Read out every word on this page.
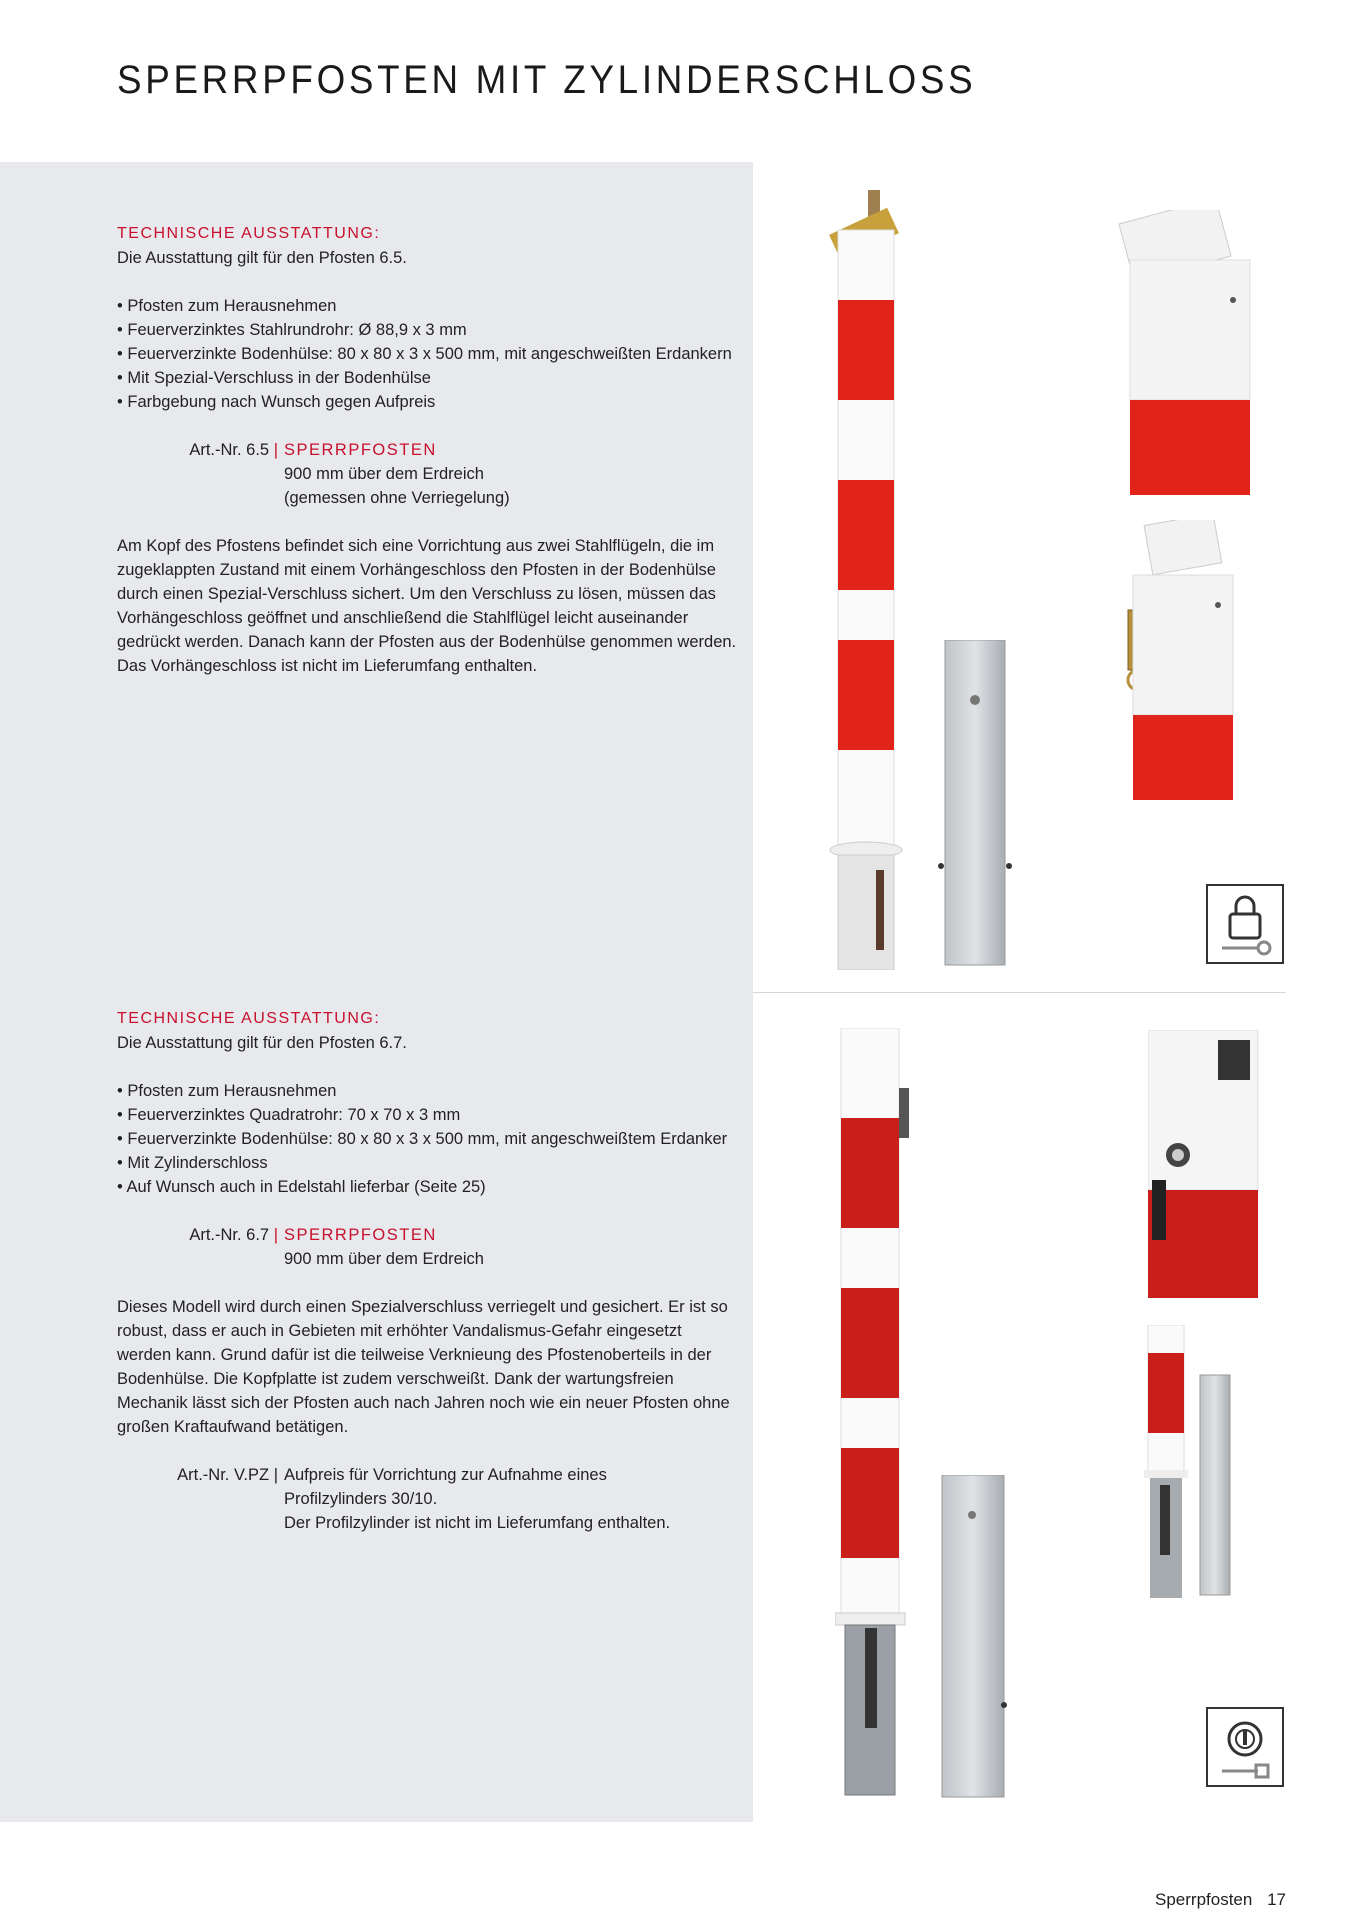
SPERRPFOSTEN MIT ZYLINDERSCHLOSS

TECHNISCHE AUSSTATTUNG:

Die Ausstattung gilt für den Pfosten 6.5.

• Pfosten zum Herausnehmen
• Feuerverzinktes Stahlrundrohr: Ø 88,9 x 3 mm
• Feuerverzinkte Bodenhülse: 80 x 80 x 3 x 500 mm, mit angeschweißten Erdankern
• Mit Spezial-Verschluss in der Bodenhülse
• Farbgebung nach Wunsch gegen Aufpreis
Art.-Nr. 6.5 | SPERRPFOSTEN
900 mm über dem Erdreich
(gemessen ohne Verriegelung)

Am Kopf des Pfostens befindet sich eine Vorrichtung aus zwei Stahlflügeln, die im zugeklappten Zustand mit einem Vorhängeschloss den Pfosten in der Bodenhülse durch einen Spezial-Verschluss sichert. Um den Verschluss zu lösen, müssen das Vorhängeschloss geöffnet und anschließend die Stahlflügel leicht auseinander gedrückt werden. Danach kann der Pfosten aus der Bodenhülse genommen werden. Das Vorhängeschloss ist nicht im Lieferumfang enthalten.

TECHNISCHE AUSSTATTUNG:

Die Ausstattung gilt für den Pfosten 6.7.

• Pfosten zum Herausnehmen
• Feuerverzinktes Quadratrohr: 70 x 70 x 3 mm
• Feuerverzinkte Bodenhülse: 80 x 80 x 3 x 500 mm, mit angeschweißtem Erdanker
• Mit Zylinderschloss
• Auf Wunsch auch in Edelstahl lieferbar (Seite 25)
Art.-Nr. 6.7 | SPERRPFOSTEN
900 mm über dem Erdreich

Dieses Modell wird durch einen Spezialverschluss verriegelt und gesichert. Er ist so robust, dass er auch in Gebieten mit erhöhter Vandalismus-Gefahr eingesetzt werden kann. Grund dafür ist die teilweise Verknieung des Pfostenoberteils in der Bodenhülse. Die Kopfplatte ist zudem verschweißt. Dank der wartungsfreien Mechanik lässt sich der Pfosten auch nach Jahren noch wie ein neuer Pfosten ohne großen Kraftaufwand betätigen.

Art.-Nr. V.PZ | Aufpreis für Vorrichtung zur Aufnahme eines
Profilzylinders 30/10.
Der Profilzylinder ist nicht im Lieferumfang enthalten.
Sperrpfosten 17
